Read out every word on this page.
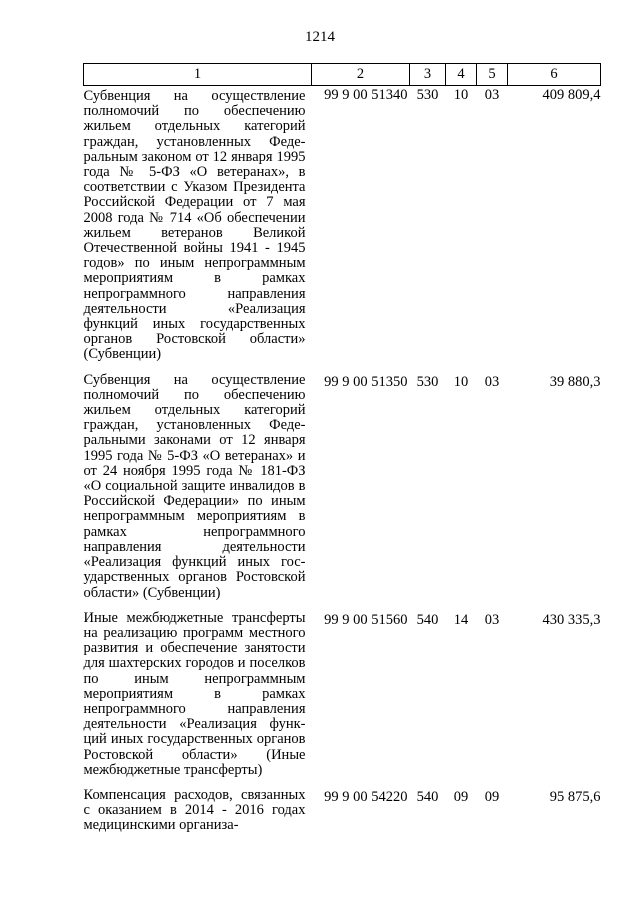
1214
1	2	3	4	5	6
Субвенция на осуществление полномочий по обеспечению жильем отдельных категорий граждан, установленных Федеральным законом от 12 января 1995 года № 5-ФЗ «О ветеранах», в соответствии с Указом Президента Российской Федерации от 7 мая 2008 года № 714 «Об обеспечении жильем ветеранов Великой Отечественной войны 1941 - 1945 годов» по иным непрограммным мероприятиям в рамках непрограммного направления деятельности «Реализация функций иных государственных органов Ростовской области» (Субвенции)	99 9 00 51340	530	10	03	409 809,4
Субвенция на осуществление полномочий по обеспечению жильем отдельных категорий граждан, установленных Федеральными законами от 12 января 1995 года № 5-ФЗ «О ветеранах» и от 24 ноября 1995 года № 181-ФЗ «О социальной защите инвалидов в Российской Федерации» по иным непрограммным мероприятиям в рамках непрограммного направления деятельности «Реализация функций иных государственных органов Ростовской области» (Субвенции)	99 9 00 51350	530	10	03	39 880,3
Иные межбюджетные трансферты на реализацию программ местного развития и обеспечение занятости для шахтерских городов и поселков по иным непрограммным мероприятиям в рамках непрограммного направления деятельности «Реализация функций иных государственных органов Ростовской области» (Иные межбюджетные трансферты)	99 9 00 51560	540	14	03	430 335,3
Компенсация расходов, связанных с оказанием в 2014 - 2016 годах медицинскими организа-	99 9 00 54220	540	09	09	95 875,6
